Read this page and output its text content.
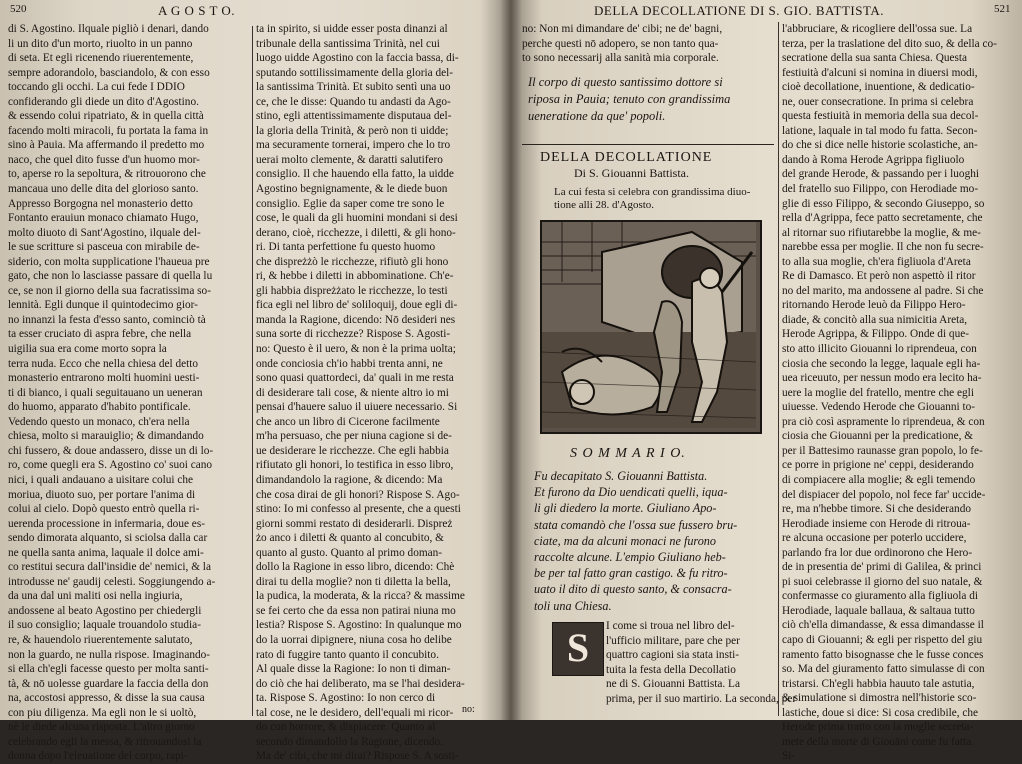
520	A G O S T O.
di S. Agostino. Ilquale pigliò i denari, dando
li un dito d'un morto, riuolto in un panno
di seta. Et egli ricenendo riuerentemente,
sempre adorandolo, basciandolo, & con esso
toccando gli occhi. La cui fede I DDIO
confiderando gli diede un dito d'Agostino.
& essendo colui ripatriato, & in quella città
facendo molti miracoli, fu portata la fama in
sino à Pauia. Ma affermando il predetto mo
naco, che quel dito fusse d'un huomo mor-
to, aperse ro la sepoltura, & ritrouorono che
mancaua uno delle dita del glorioso santo.
Appresso Borgogna nel monasterio detto
Fontanto erauiun monaco chiamato Hugo,
molto diuoto di Sant'Agostino, ilquale del-
le sue scritture si pasceua con mirabile de-
siderio, con molta supplicatione l'haueua pre
gato, che non lo lasciasse passare di quella lu
ce, se non il giorno della sua facratissima so-
lennità. Egli dunque il quintodecimo gior-
no innanzi la festa d'esso santo, cominciò tà
ta esser cruciato di aspra febre, che nella
uigilia sua era come morto sopra la
terra nuda. Ecco che nella chiesa del detto
monasterio entrarono molti huomini uesti-
ti di bianco, i quali seguitauano un ueneran
do huomo, apparato d'habito pontificale.
Vedendo questo un monaco, ch'era nella
chiesa, molto si marauiglio; & dimandando
chi fussero, & doue andassero, disse un di lo-
ro, come quegli era S. Agostino co' suoi cano
nici, i quali andauano a uisitare colui che
moriua, diuoto suo, per portare l'anima di
colui al cielo. Dopò questo entrò quella ri-
uerenda processione in infermaria, doue es-
sendo dimorata alquanto, si sciolsa dalla car
ne quella santa anima, laquale il dolce ami-
co restitui secura dall'insidie de' nemici, & la
introdusse ne' gaudij celesti. Soggiungendo a-
da una dal uni maliti osi nella ingiuria,
andossene al beato Agostino per chiedergli
il suo consiglio; laquale trouandolo studia-
re, & hauendolo riuerentemente salutato,
non la guardo, ne nulla rispose. Imaginando-
si ella ch'egli facesse questo per molta santi-
tà, & nō uolesse guardare la faccia della don
na, accostosi appresso, & disse la sua causa
con piu diligenza. Ma egli non le si uoltò,
nè le diede alcuna risposta. L'altro giorno
celebrando egli la messa, & ritrouandosi la
donna dopo l'eleuatione del corpo, rapi-
ta in spirito, si uidde esser posta dinanzi al
tribunale della santissima Trinità, nel cui
luogo uidde Agostino con la faccia bassa, di-
sputando sottilissimamente della gloria del-
la santissima Trinità. Et subito sentì una uo
ce, che le disse: Quando tu andasti da Ago-
stino, egli attentissimamente disputaua del-
la gloria della Trinità, & però non ti uidde;
ma securamente tornerai, impero che lo tro
uerai molto clemente, & daratti salutifero
consiglio. Il che hauendo ella fatto, la uidde
Agostino begnignamente, & le diede buon
consiglio. Eglie da saper come tre sono le
cose, le quali da gli huomini mondani si desi
derano, cioè, ricchezze, i diletti, & gli hono-
ri. Di tanta perfettione fu questo huomo
che dispreżżò le ricchezze, rifiutò gli hono
ri, & hebbe i diletti in abbominatione. Ch'e-
gli habbia dispreżżato le ricchezze, lo testi
fica egli nel libro de' soliloquij, doue egli di-
manda la Ragione, dicendo: Nō desideri nes
suna sorte di ricchezze? Rispose S. Agosti-
no: Questo è il uero, & non è la prima uolta;
onde conciosia ch'io habbi trenta anni, ne
sono quasi quattordeci, da' quali in me resta
di desiderare tali cose, & niente altro io mi
pensai d'hauere saluo il uiuere necessario. Si
che anco un libro di Cicerone facilmente
m'ha persuaso, che per niuna cagione si de-
ue desiderare le ricchezze. Che egli habbia
rifiutato gli honori, lo testifica in esso libro,
dimandandolo la ragione, & dicendo: Ma
che cosa dirai de gli honori? Rispose S. Ago-
stino: Io mi confesso al presente, che a questi
giorni sommi restato di desiderarli. Dispreż
żo anco i diletti & quanto al concubito, &
quanto al gusto. Quanto al primo doman-
dollo la Ragione in esso libro, dicendo: Chè
dirai tu della moglie? non ti diletta la bella,
la pudica, la moderata, & la ricca? & massime
se fei certo che da essa non patirai niuna mo
lestia? Rispose S. Agostino: In qualunque mo
do la uorrai dipignere, niuna cosa ho delibe
rato di fuggire tanto quanto il concubito.
Al quale disse la Ragione: Io non ti diman-
do ciò che hai deliberato, ma se l'hai desidera-
ta. Rispose S. Agostino: Io non cerco di
tal cose, ne le desidero, dell'equali mi ricor-
do con horrore, & dispiacere. Quanto al
secondo dimandollo la Ragione, dicendo.
Ma de' cibi, che mi dirai? Rispose S. A sosti-
no:
DELLA DECOLLATIONE DI S. GIO. BATTISTA.	521
no: Non mi dimandare de' cibi; ne de' bagni,
perche questi nō adopero, se non tanto qua-
to sono necessarij alla sanità mia corporale.
Il corpo di questo santissimo dottore si
riposa in Pauia; tenuto con grandissima
ueneratione da que' popoli.
DELLA DECOLLATIONE
Di S. Giouanni Battista.
La cui festa si celebra con grandissima diuo-
tione alli 28. d'Agosto.
S O M M A R I O.
Fu decapitato S. Giouanni Battista.
Et furono da Dio uendicati quelli, iqua-
li gli diedero la morte. Giuliano Apo-
stata comandò che l'ossa sue fussero bru-
ciate, ma da alcuni monaci ne furono
raccolte alcune. L'empio Giuliano heb-
be per tal fatto gran castigo. & fu ritro-
uato il dito di questo santo, & consacra-
toli una Chiesa.
S	I come si troua nel libro del-
l'ufficio militare, pare che per
quattro cagioni sia stata insti-
tuita la festa della Decollatio
ne di S. Giouanni Battista. La
prima, per il suo martirio. La seconda, per
l'abbruciare, & ricogliere dell'ossa sue. La
terza, per la traslatione del dito suo, & della co-
secratione della sua santa Chiesa. Questa
festiuità d'alcuni si nomina in diuersi modi,
cioè decollatione, inuentione, & dedicatio-
ne, ouer consecratione. In prima si celebra
questa festiuità in memoria della sua decol-
latione, laquale in tal modo fu fatta. Secon-
do che si dice nelle historie scolastiche, an-
dando à Roma Herode Agrippa figliuolo
del grande Herode, & passando per i luoghi
del fratello suo Filippo, con Herodiade mo-
glie di esso Filippo, & secondo Giuseppo, so
rella d'Agrippa, fece patto secretamente, che
al ritornar suo rifiutarebbe la moglie, & me-
narebbe essa per moglie. Il che non fu secre-
to alla sua moglie, ch'era figliuola d'Areta
Re di Damasco. Et però non aspettò il ritor
no del marito, ma andossene al padre. Si che
ritornando Herode leuò da Filippo Hero-
diade, & concitò alla sua nimicitia Areta,
Herode Agrippa, & Filippo. Onde di que-
sto atto illicito Giouanni lo riprendeua, con
ciosia che secondo la legge, laquale egli ha-
uea riceuuto, per nessun modo era lecito ha-
uere la moglie del fratello, mentre che egli
uiuesse. Vedendo Herode che Giouanni to-
pra ciò così aspramente lo riprendeua, & con
ciosia che Giouanni per la predicatione, &
per il Battesimo raunasse gran popolo, lo fe-
ce porre in prigione ne' ceppi, desiderando
di compiacere alla moglie; & egli temendo
del dispiacer del popolo, nol fece far' uccide-
re, ma n'hebbe timore. Si che desiderando
Herodiade insieme con Herode di ritroua-
re alcuna occasione per poterlo uccidere,
parlando fra lor due ordinorono che Hero-
de in presentia de' primi di Galilea, & princi
pi suoi celebrasse il giorno del suo natale, &
confermasse co giuramento alla figliuola di
Herodiade, laquale ballaua, & saltaua tutto
ciò ch'ella dimandasse, & essa dimandasse il
capo di Giouanni; & egli per rispetto del giu
ramento fatto bisognasse che le fusse conces
so. Ma del giuramento fatto simulasse di con
tristarsi. Ch'egli habbia hauuto tale astutia,
& simulatione si dimostra nell'historie sco-
lastiche, doue si dice: Si cosa credibile, che
Herode prima tratto con la moglie secreta-
mete della morte di Giouāni come fu fatta.
Si-
